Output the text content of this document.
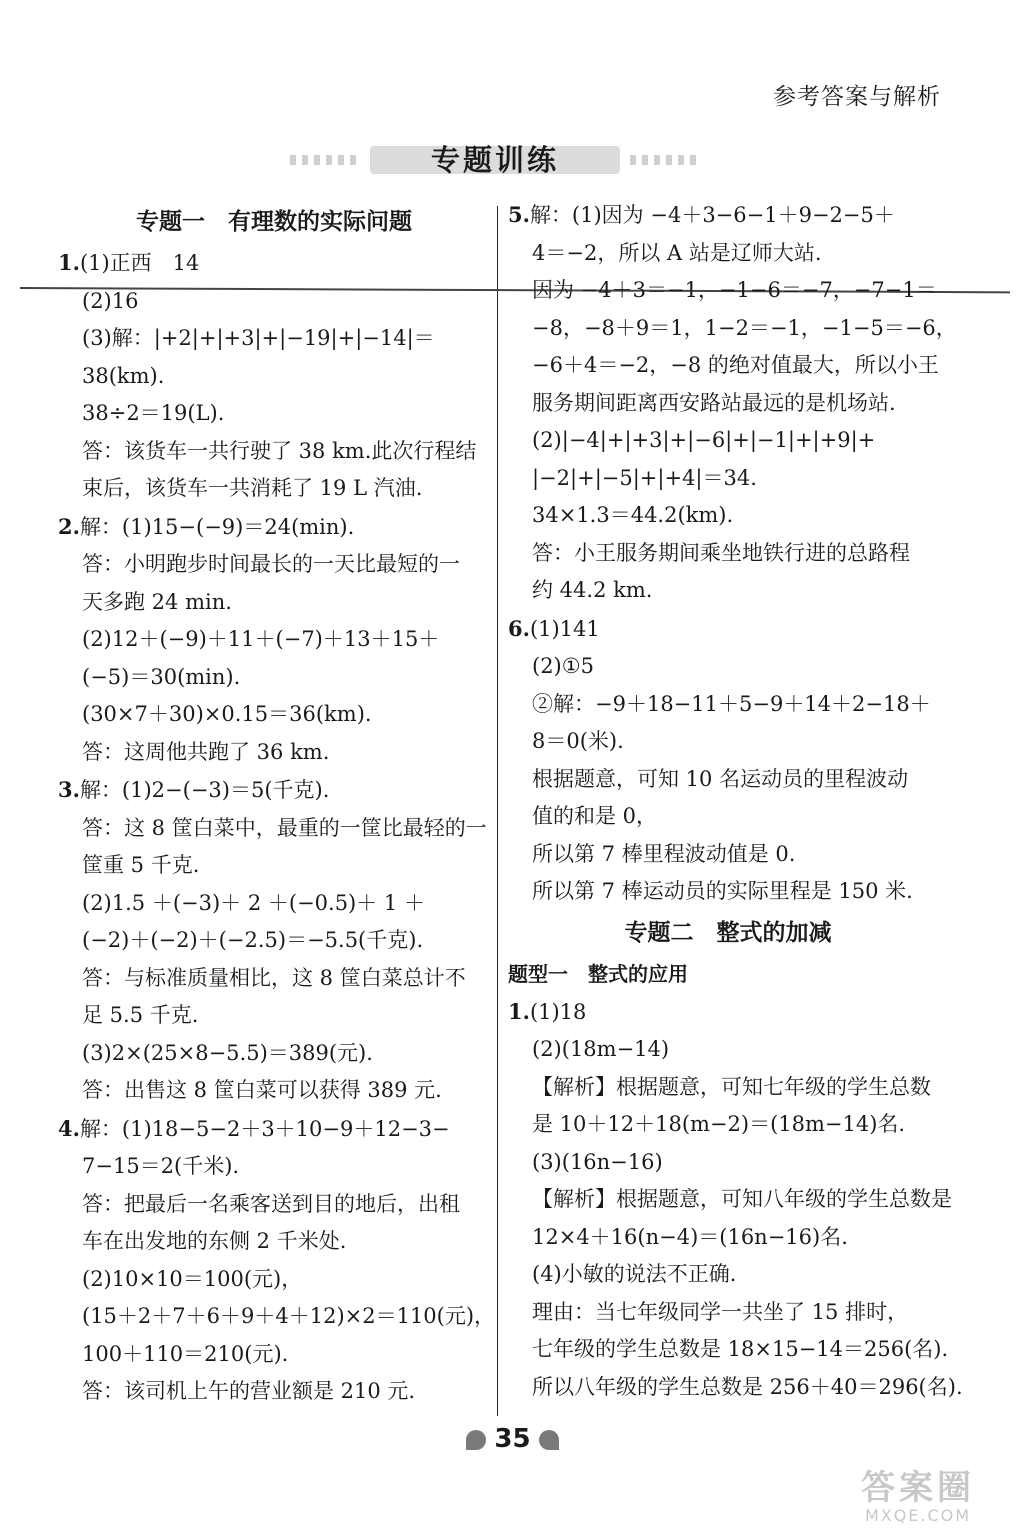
参考答案与解析
专题训练
专题一　有理数的实际问题
1.(1)正西　14
(2)16
(3)解：|+2|+|+3|+|−19|+|−14|＝
38(km).
38÷2＝19(L).
答：该货车一共行驶了 38 km.此次行程结
束后，该货车一共消耗了 19 L 汽油.
2.解：(1)15−(−9)＝24(min).
答：小明跑步时间最长的一天比最短的一
天多跑 24 min.
(2)12＋(−9)＋11＋(−7)＋13＋15＋
(−5)＝30(min).
(30×7＋30)×0.15＝36(km).
答：这周他共跑了 36 km.
3.解：(1)2−(−3)＝5(千克).
答：这 8 筐白菜中，最重的一筐比最轻的一
筐重 5 千克.
(2)1.5 ＋(−3)＋ 2 ＋(−0.5)＋ 1 ＋
(−2)＋(−2)＋(−2.5)＝−5.5(千克).
答：与标准质量相比，这 8 筐白菜总计不
足 5.5 千克.
(3)2×(25×8−5.5)＝389(元).
答：出售这 8 筐白菜可以获得 389 元.
4.解：(1)18−5−2＋3＋10−9＋12−3−
7−15＝2(千米).
答：把最后一名乘客送到目的地后，出租
车在出发地的东侧 2 千米处.
(2)10×10＝100(元)，
(15＋2＋7＋6＋9＋4＋12)×2＝110(元)，
100＋110＝210(元).
答：该司机上午的营业额是 210 元.
5.解：(1)因为 −4＋3−6−1＋9−2−5＋
4＝−2，所以 A 站是辽师大站.
因为 −4＋3＝−1，−1−6＝−7，−7−1＝
−8，−8＋9＝1，1−2＝−1，−1−5＝−6，
−6＋4＝−2，−8 的绝对值最大，所以小王
服务期间距离西安路站最远的是机场站.
(2)|−4|+|+3|+|−6|+|−1|+|+9|+
|−2|+|−5|+|+4|＝34.
34×1.3＝44.2(km).
答：小王服务期间乘坐地铁行进的总路程
约 44.2 km.
6.(1)141
(2)①5
②解：−9＋18−11＋5−9＋14＋2−18＋
8＝0(米).
根据题意，可知 10 名运动员的里程波动
值的和是 0，
所以第 7 棒里程波动值是 0.
所以第 7 棒运动员的实际里程是 150 米.
专题二　整式的加减
题型一　整式的应用
1.(1)18
(2)(18m−14)
【解析】根据题意，可知七年级的学生总数
是 10＋12＋18(m−2)＝(18m−14)名.
(3)(16n−16)
【解析】根据题意，可知八年级的学生总数是
12×4＋16(n−4)＝(16n−16)名.
(4)小敏的说法不正确.
理由：当七年级同学一共坐了 15 排时，
七年级的学生总数是 18×15−14＝256(名).
所以八年级的学生总数是 256＋40＝296(名).
35
答案圈
MXQE.COM
